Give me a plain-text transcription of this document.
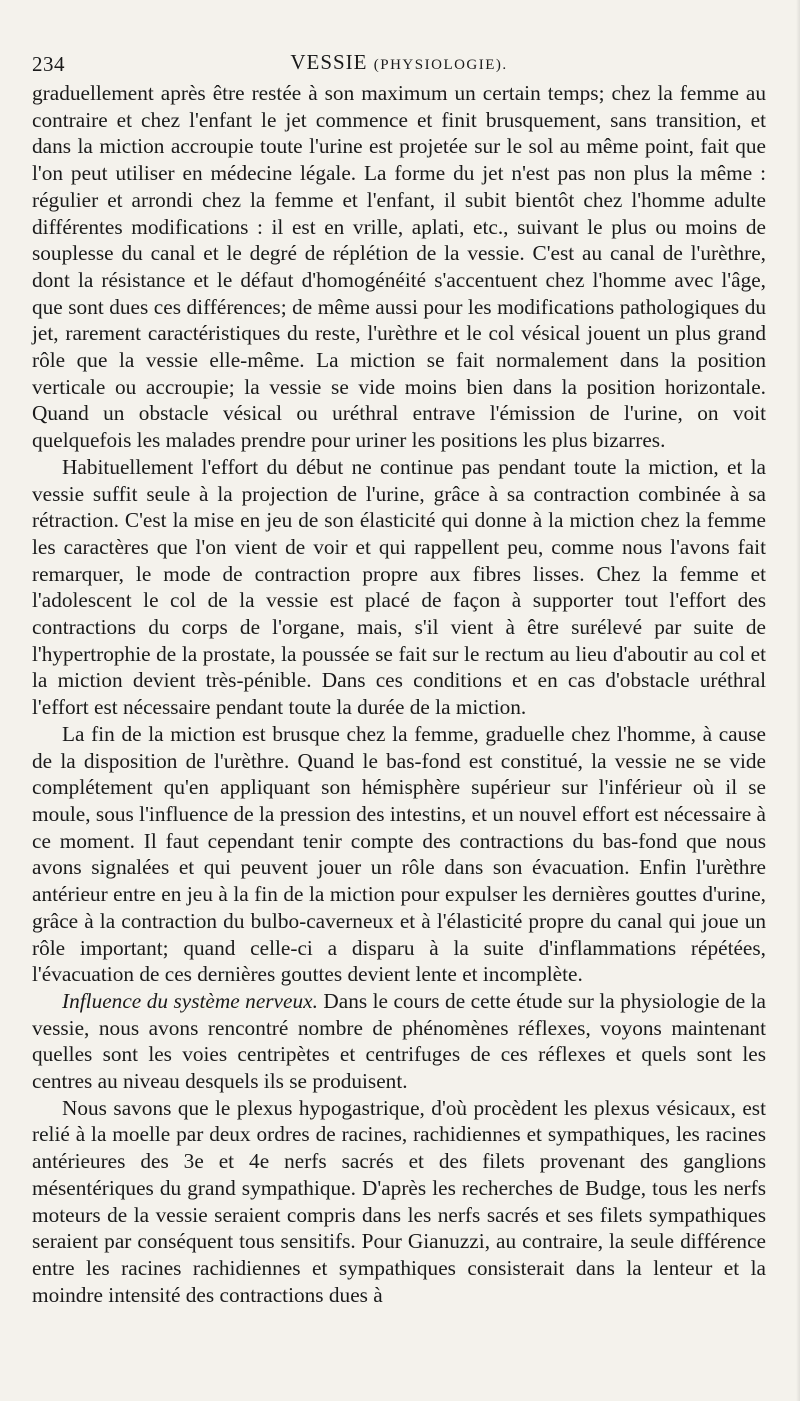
234	VESSIE (PHYSIOLOGIE).

graduellement après être restée à son maximum un certain temps; chez la femme au contraire et chez l'enfant le jet commence et finit brusquement, sans transition, et dans la miction accroupie toute l'urine est projetée sur le sol au même point, fait que l'on peut utiliser en médecine légale. La forme du jet n'est pas non plus la même : régulier et arrondi chez la femme et l'enfant, il subit bientôt chez l'homme adulte différentes modifications : il est en vrille, aplati, etc., suivant le plus ou moins de souplesse du canal et le degré de réplétion de la vessie. C'est au canal de l'urèthre, dont la résistance et le défaut d'homogénéité s'accentuent chez l'homme avec l'âge, que sont dues ces différences; de même aussi pour les modifications pathologiques du jet, rarement caractéristiques du reste, l'urèthre et le col vésical jouent un plus grand rôle que la vessie elle-même. La miction se fait normalement dans la position verticale ou accroupie; la vessie se vide moins bien dans la position horizontale. Quand un obstacle vésical ou uréthral entrave l'émission de l'urine, on voit quelquefois les malades prendre pour uriner les positions les plus bizarres.

Habituellement l'effort du début ne continue pas pendant toute la miction, et la vessie suffit seule à la projection de l'urine, grâce à sa contraction combinée à sa rétraction. C'est la mise en jeu de son élasticité qui donne à la miction chez la femme les caractères que l'on vient de voir et qui rappellent peu, comme nous l'avons fait remarquer, le mode de contraction propre aux fibres lisses. Chez la femme et l'adolescent le col de la vessie est placé de façon à supporter tout l'effort des contractions du corps de l'organe, mais, s'il vient à être surélevé par suite de l'hypertrophie de la prostate, la poussée se fait sur le rectum au lieu d'aboutir au col et la miction devient très-pénible. Dans ces conditions et en cas d'obstacle uréthral l'effort est nécessaire pendant toute la durée de la miction.

La fin de la miction est brusque chez la femme, graduelle chez l'homme, à cause de la disposition de l'urèthre. Quand le bas-fond est constitué, la vessie ne se vide complétement qu'en appliquant son hémisphère supérieur sur l'inférieur où il se moule, sous l'influence de la pression des intestins, et un nouvel effort est nécessaire à ce moment. Il faut cependant tenir compte des contractions du bas-fond que nous avons signalées et qui peuvent jouer un rôle dans son évacuation. Enfin l'urèthre antérieur entre en jeu à la fin de la miction pour expulser les dernières gouttes d'urine, grâce à la contraction du bulbo-caverneux et à l'élasticité propre du canal qui joue un rôle important; quand celle-ci a disparu à la suite d'inflammations répétées, l'évacuation de ces dernières gouttes devient lente et incomplète.

Influence du système nerveux. Dans le cours de cette étude sur la physiologie de la vessie, nous avons rencontré nombre de phénomènes réflexes, voyons maintenant quelles sont les voies centripètes et centrifuges de ces réflexes et quels sont les centres au niveau desquels ils se produisent.

Nous savons que le plexus hypogastrique, d'où procèdent les plexus vésicaux, est relié à la moelle par deux ordres de racines, rachidiennes et sympathiques, les racines antérieures des 3e et 4e nerfs sacrés et des filets provenant des ganglions mésentériques du grand sympathique. D'après les recherches de Budge, tous les nerfs moteurs de la vessie seraient compris dans les nerfs sacrés et ses filets sympathiques seraient par conséquent tous sensitifs. Pour Gianuzzi, au contraire, la seule différence entre les racines rachidiennes et sympathiques consisterait dans la lenteur et la moindre intensité des contractions dues à
